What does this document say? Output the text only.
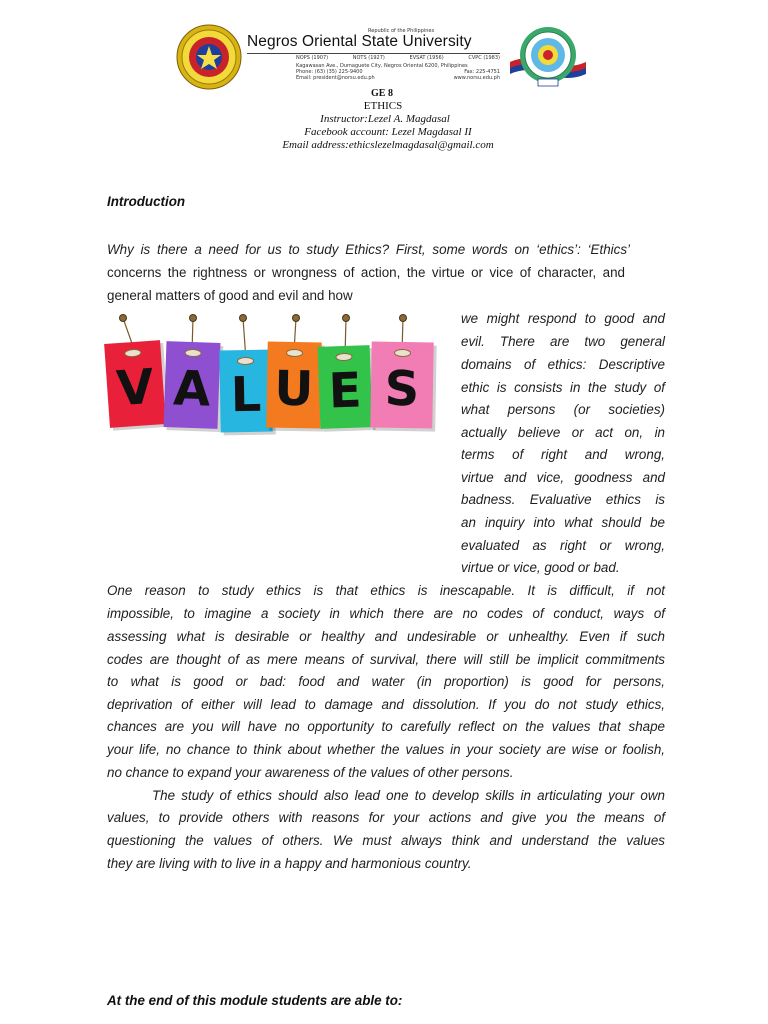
Republic of the Philippines
Negros Oriental State University
NOPS (1907)	NOTS (1927)	EVSAT (1956)	CVPC (1983)
Kagawasan Ave., Dumaguete City, Negros Oriental 6200, Philippines
Phone: (63) (35) 225-9400	Fax: 225-4751
Email: president@norsu.edu.ph	www.norsu.edu.ph
GE 8
ETHICS
Instructor:Lezel A. Magdasal
Facebook account: Lezel Magdasal II
Email address:ethicslezelmagdasal@gmail.com
Introduction
Why is there a need for us to study Ethics? First, some words on ‘ethics’: ‘Ethics’
concerns the rightness or wrongness of action, the virtue or vice of character, and
general matters of good and evil and how
V A L U E S
we might respond to good and
evil. There are two general
domains of ethics: Descriptive
ethic is consists in the study of
what persons (or societies)
actually believe or act on, in
terms of right and wrong,
virtue and vice, goodness and
badness. Evaluative ethics is
an inquiry into what should be
evaluated as right or wrong,
virtue or vice, good or bad.
One reason to study ethics is that ethics is inescapable. It is difficult, if not
impossible, to imagine a society in which there are no codes of conduct, ways of
assessing what is desirable or healthy and undesirable or unhealthy. Even if such
codes are thought of as mere means of survival, there will still be implicit commitments
to what is good or bad: food and water (in proportion) is good for persons,
deprivation of either will lead to damage and dissolution. If you do not study ethics,
chances are you will have no opportunity to carefully reflect on the values that shape
your life, no chance to think about whether the values in your society are wise or foolish,
no chance to expand your awareness of the values of other persons.
The study of ethics should also lead one to develop skills in articulating your own
values, to provide others with reasons for your actions and give you the means of
questioning the values of others. We must always think and understand the values
they are living with to live in a happy and harmonious country.
At the end of this module students are able to:
